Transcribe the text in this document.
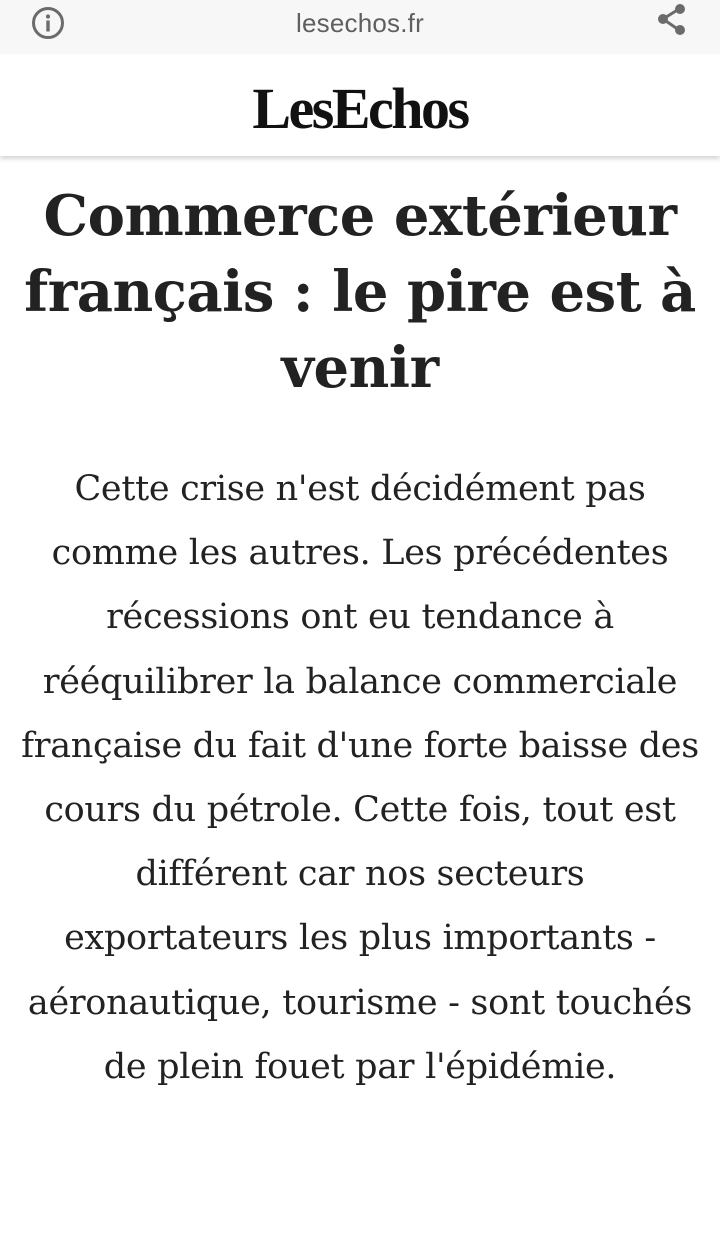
lesechos.fr
LesEchos
Commerce extérieur français : le pire est à venir

Cette crise n'est décidément pas comme les autres. Les précédentes récessions ont eu tendance à rééquilibrer la balance commerciale française du fait d'une forte baisse des cours du pétrole. Cette fois, tout est différent car nos secteurs exportateurs les plus importants - aéronautique, tourisme - sont touchés de plein fouet par l'épidémie.
